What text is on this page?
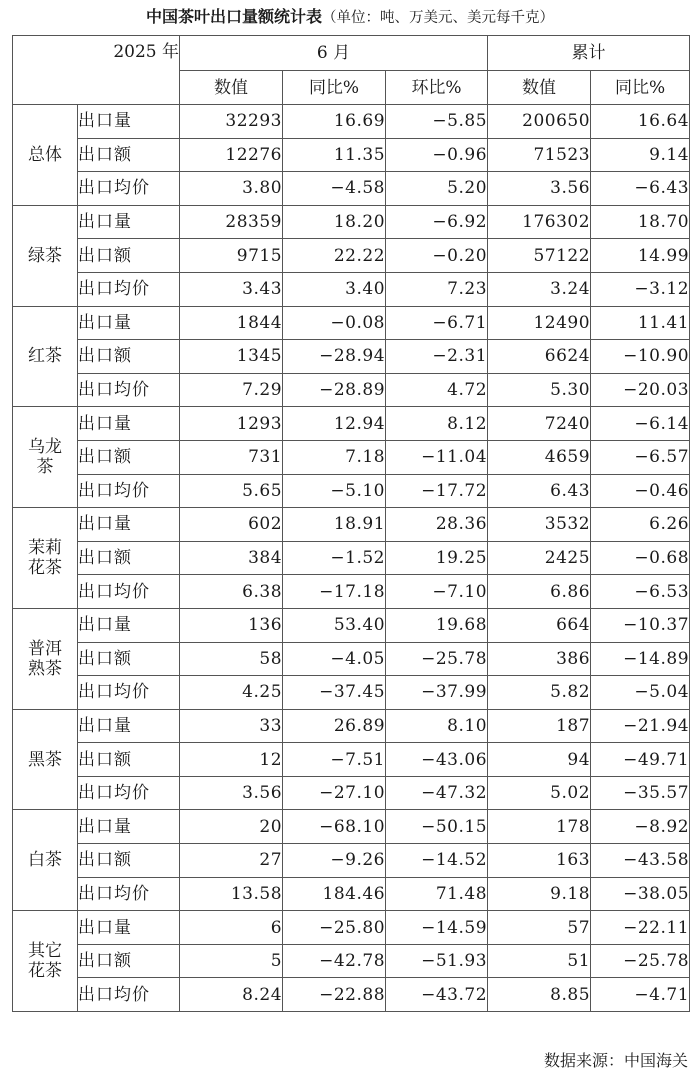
中国茶叶出口量额统计表（单位：吨、万美元、美元每千克）
2025 年		6 月			累计	
		数值	同比%	环比%	数值	同比%

总体	出口量	32293	16.69	−5.85	200650	16.64
	出口额	12276	11.35	−0.96	71523	9.14
	出口均价	3.80	−4.58	5.20	3.56	−6.43

绿茶	出口量	28359	18.20	−6.92	176302	18.70
	出口额	9715	22.22	−0.20	57122	14.99
	出口均价	3.43	3.40	7.23	3.24	−3.12

红茶	出口量	1844	−0.08	−6.71	12490	11.41
	出口额	1345	−28.94	−2.31	6624	−10.90
	出口均价	7.29	−28.89	4.72	5.30	−20.03

乌龙
茶	出口量	1293	12.94	8.12	7240	−6.14
	出口额	731	7.18	−11.04	4659	−6.57
	出口均价	5.65	−5.10	−17.72	6.43	−0.46

茉莉
花茶	出口量	602	18.91	28.36	3532	6.26
	出口额	384	−1.52	19.25	2425	−0.68
	出口均价	6.38	−17.18	−7.10	6.86	−6.53

普洱
熟茶	出口量	136	53.40	19.68	664	−10.37
	出口额	58	−4.05	−25.78	386	−14.89
	出口均价	4.25	−37.45	−37.99	5.82	−5.04

黑茶	出口量	33	26.89	8.10	187	−21.94
	出口额	12	−7.51	−43.06	94	−49.71
	出口均价	3.56	−27.10	−47.32	5.02	−35.57

白茶	出口量	20	−68.10	−50.15	178	−8.92
	出口额	27	−9.26	−14.52	163	−43.58
	出口均价	13.58	184.46	71.48	9.18	−38.05

其它
花茶	出口量	6	−25.80	−14.59	57	−22.11
	出口额	5	−42.78	−51.93	51	−25.78
	出口均价	8.24	−22.88	−43.72	8.85	−4.71
数据来源：中国海关
